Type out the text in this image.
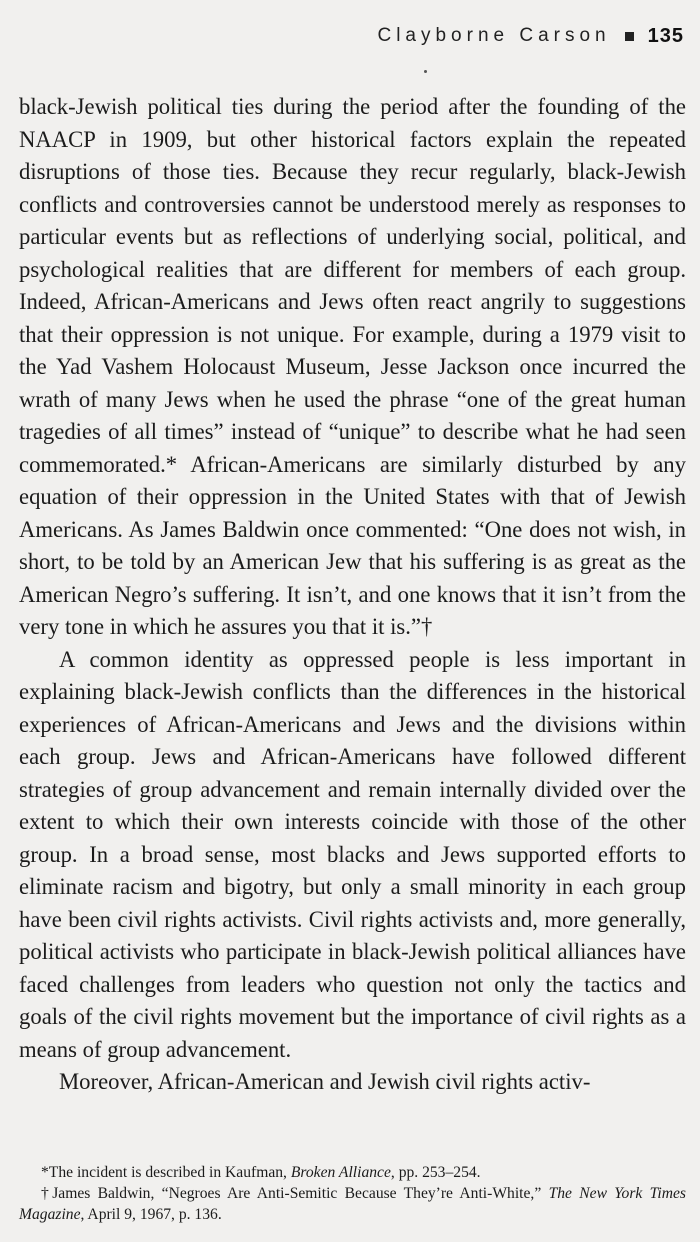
Clayborne Carson 135

black-Jewish political ties during the period after the founding of the NAACP in 1909, but other historical factors explain the repeated disruptions of those ties. Because they recur regularly, black-Jewish conflicts and controversies cannot be understood merely as responses to particular events but as reflections of underlying social, political, and psychological realities that are different for members of each group. Indeed, African-Americans and Jews often react angrily to suggestions that their oppression is not unique. For example, during a 1979 visit to the Yad Vashem Holocaust Museum, Jesse Jackson once incurred the wrath of many Jews when he used the phrase “one of the great human tragedies of all times” instead of “unique” to describe what he had seen commemorated.* African-Americans are similarly disturbed by any equation of their oppression in the United States with that of Jewish Americans. As James Baldwin once commented: “One does not wish, in short, to be told by an American Jew that his suffering is as great as the American Negro’s suffering. It isn’t, and one knows that it isn’t from the very tone in which he assures you that it is.”†

A common identity as oppressed people is less important in explaining black-Jewish conflicts than the differences in the historical experiences of African-Americans and Jews and the divisions within each group. Jews and African-Americans have followed different strategies of group advancement and remain internally divided over the extent to which their own interests coincide with those of the other group. In a broad sense, most blacks and Jews supported efforts to eliminate racism and bigotry, but only a small minority in each group have been civil rights activists. Civil rights activists and, more generally, political activists who participate in black-Jewish political alliances have faced challenges from leaders who question not only the tactics and goals of the civil rights movement but the importance of civil rights as a means of group advancement.

Moreover, African-American and Jewish civil rights activ-

*The incident is described in Kaufman, Broken Alliance, pp. 253–254.

†James Baldwin, “Negroes Are Anti-Semitic Because They’re Anti-White,” The New York Times Magazine, April 9, 1967, p. 136.
